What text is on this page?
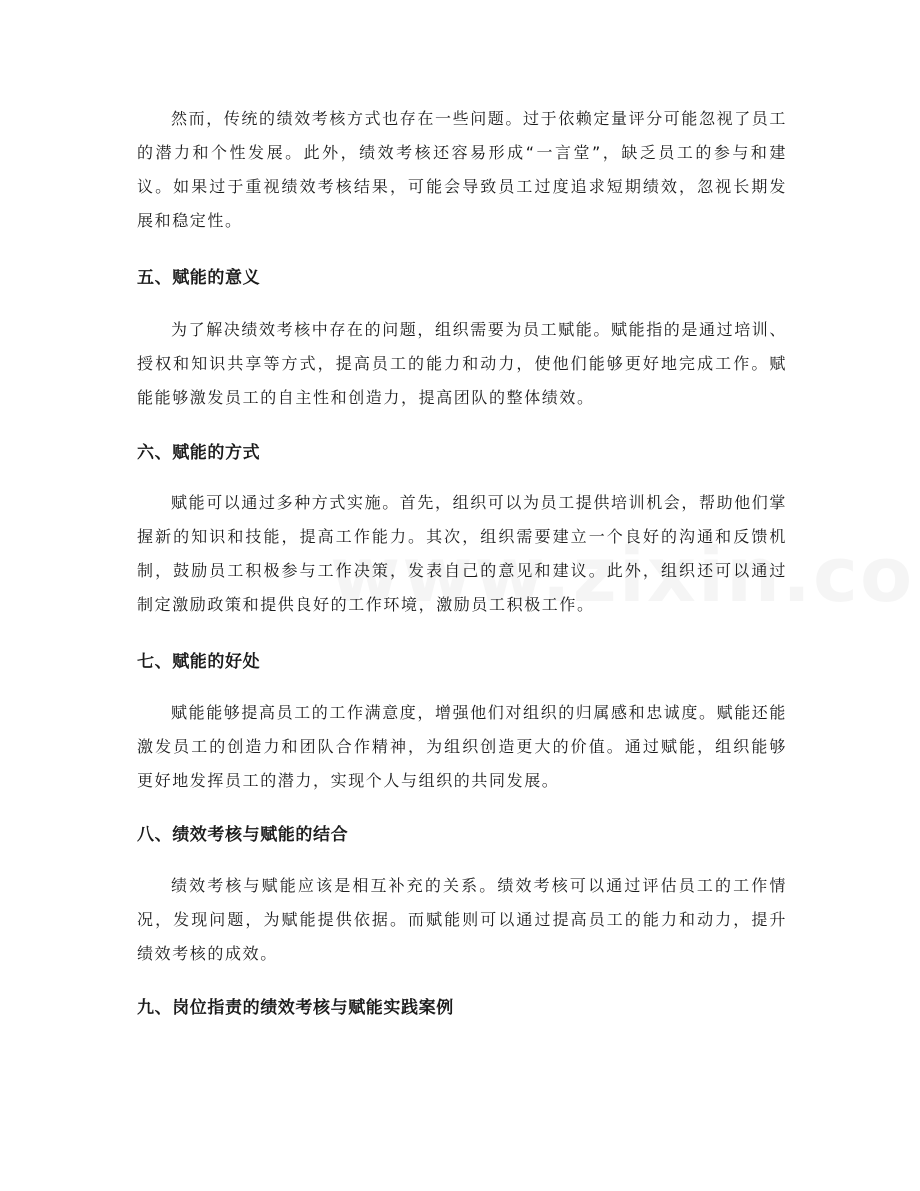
然而，传统的绩效考核方式也存在一些问题。过于依赖定量评分可能忽视了员工的潜力和个性发展。此外，绩效考核还容易形成“一言堂”，缺乏员工的参与和建议。如果过于重视绩效考核结果，可能会导致员工过度追求短期绩效，忽视长期发展和稳定性。

五、赋能的意义

为了解决绩效考核中存在的问题，组织需要为员工赋能。赋能指的是通过培训、授权和知识共享等方式，提高员工的能力和动力，使他们能够更好地完成工作。赋能能够激发员工的自主性和创造力，提高团队的整体绩效。

六、赋能的方式

赋能可以通过多种方式实施。首先，组织可以为员工提供培训机会，帮助他们掌握新的知识和技能，提高工作能力。其次，组织需要建立一个良好的沟通和反馈机制，鼓励员工积极参与工作决策，发表自己的意见和建议。此外，组织还可以通过制定激励政策和提供良好的工作环境，激励员工积极工作。

七、赋能的好处

赋能能够提高员工的工作满意度，增强他们对组织的归属感和忠诚度。赋能还能激发员工的创造力和团队合作精神，为组织创造更大的价值。通过赋能，组织能够更好地发挥员工的潜力，实现个人与组织的共同发展。

八、绩效考核与赋能的结合

绩效考核与赋能应该是相互补充的关系。绩效考核可以通过评估员工的工作情况，发现问题，为赋能提供依据。而赋能则可以通过提高员工的能力和动力，提升绩效考核的成效。

九、岗位指责的绩效考核与赋能实践案例
